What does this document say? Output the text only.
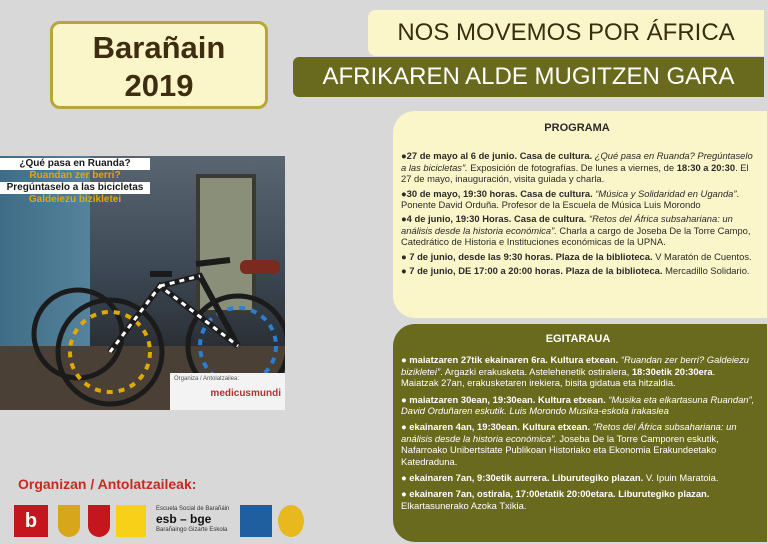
Barañain
2019
NOS MOVEMOS POR ÁFRICA
AFRIKAREN ALDE MUGITZEN GARA
¿Qué pasa en Ruanda?
Ruandan zer berri?
Pregúntaselo a las bicicletas
Galdeiezu bizikletei
Organiza / Antolatzailea:
medicusmundi
Organizan / Antolatzaileak:
b
Escuela Social de Barañáin
esb – bge
Barañaingo Gizarte Eskola
PROGRAMA
●27 de mayo al 6 de junio. Casa de cultura. ¿Qué pasa en Ruanda? Pregúntaselo a las bicicletas”. Exposición de fotografías. De lunes a viernes, de 18:30 a 20:30. El 27 de mayo, inauguración, visita guiada y charla.
●30 de mayo, 19:30 horas. Casa de cultura. “Música y Solidaridad en Uganda”. Ponente David Orduña. Profesor de la Escuela de Música Luis Morondo
●4 de junio, 19:30 Horas. Casa de cultura. “Retos del África subsahariana: un análisis desde la historia económica”. Charla a cargo de Joseba De la Torre Campo, Catedrático de Historia e Instituciones económicas de la UPNA.
● 7 de junio, desde las 9:30 horas. Plaza de la biblioteca. V Maratón de Cuentos.
● 7 de junio, DE 17:00 a 20:00 horas. Plaza de la biblioteca. Mercadillo Solidario.
EGITARAUA
● maiatzaren 27tik ekainaren 6ra. Kultura etxean. “Ruandan zer berri? Galdeiezu bizikletei”. Argazki erakusketa. Astelehenetik ostiralera, 18:30etik 20:30era. Maiatzak 27an, erakusketaren irekiera, bisita gidatua eta hitzaldia.
● maiatzaren 30ean, 19:30ean. Kultura etxean. “Musika eta elkartasuna Ruandan”, David Orduñaren eskutik. Luis Morondo Musika-eskola irakaslea
● ekainaren 4an, 19:30ean. Kultura etxean. “Retos del África subsahariana: un análisis desde la historia económica”. Joseba De la Torre Camporen eskutik, Nafarroako Unibertsitate Publikoan Historiako eta Ekonomia Erakundeetako Katedraduna.
● ekainaren 7an, 9:30etik aurrera. Liburutegiko plazan. V. Ipuin Maratoia.
● ekainaren 7an, ostirala, 17:00etatik 20:00etara. Liburutegiko plazan. Elkartasunerako Azoka Txikia.
